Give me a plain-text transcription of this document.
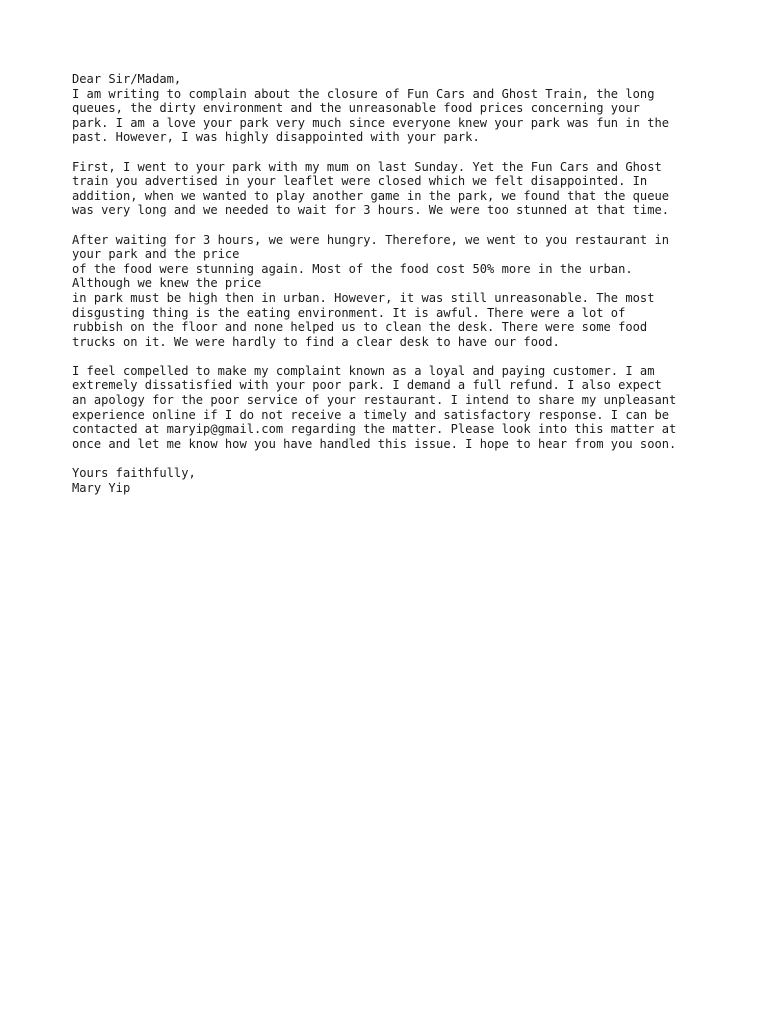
Dear Sir/Madam,
I am writing to complain about the closure of Fun Cars and Ghost Train, the long
queues, the dirty environment and the unreasonable food prices concerning your
park. I am a love your park very much since everyone knew your park was fun in the
past. However, I was highly disappointed with your park.
First, I went to your park with my mum on last Sunday. Yet the Fun Cars and Ghost
train you advertised in your leaflet were closed which we felt disappointed. In
addition, when we wanted to play another game in the park, we found that the queue
was very long and we needed to wait for 3 hours. We were too stunned at that time.
After waiting for 3 hours, we were hungry. Therefore, we went to you restaurant in
your park and the price
of the food were stunning again. Most of the food cost 50% more in the urban.
Although we knew the price
in park must be high then in urban. However, it was still unreasonable. The most
disgusting thing is the eating environment. It is awful. There were a lot of
rubbish on the floor and none helped us to clean the desk. There were some food
trucks on it. We were hardly to find a clear desk to have our food.
I feel compelled to make my complaint known as a loyal and paying customer. I am
extremely dissatisfied with your poor park. I demand a full refund. I also expect
an apology for the poor service of your restaurant. I intend to share my unpleasant
experience online if I do not receive a timely and satisfactory response. I can be
contacted at maryip@gmail.com regarding the matter. Please look into this matter at
once and let me know how you have handled this issue. I hope to hear from you soon.
Yours faithfully,
Mary Yip
